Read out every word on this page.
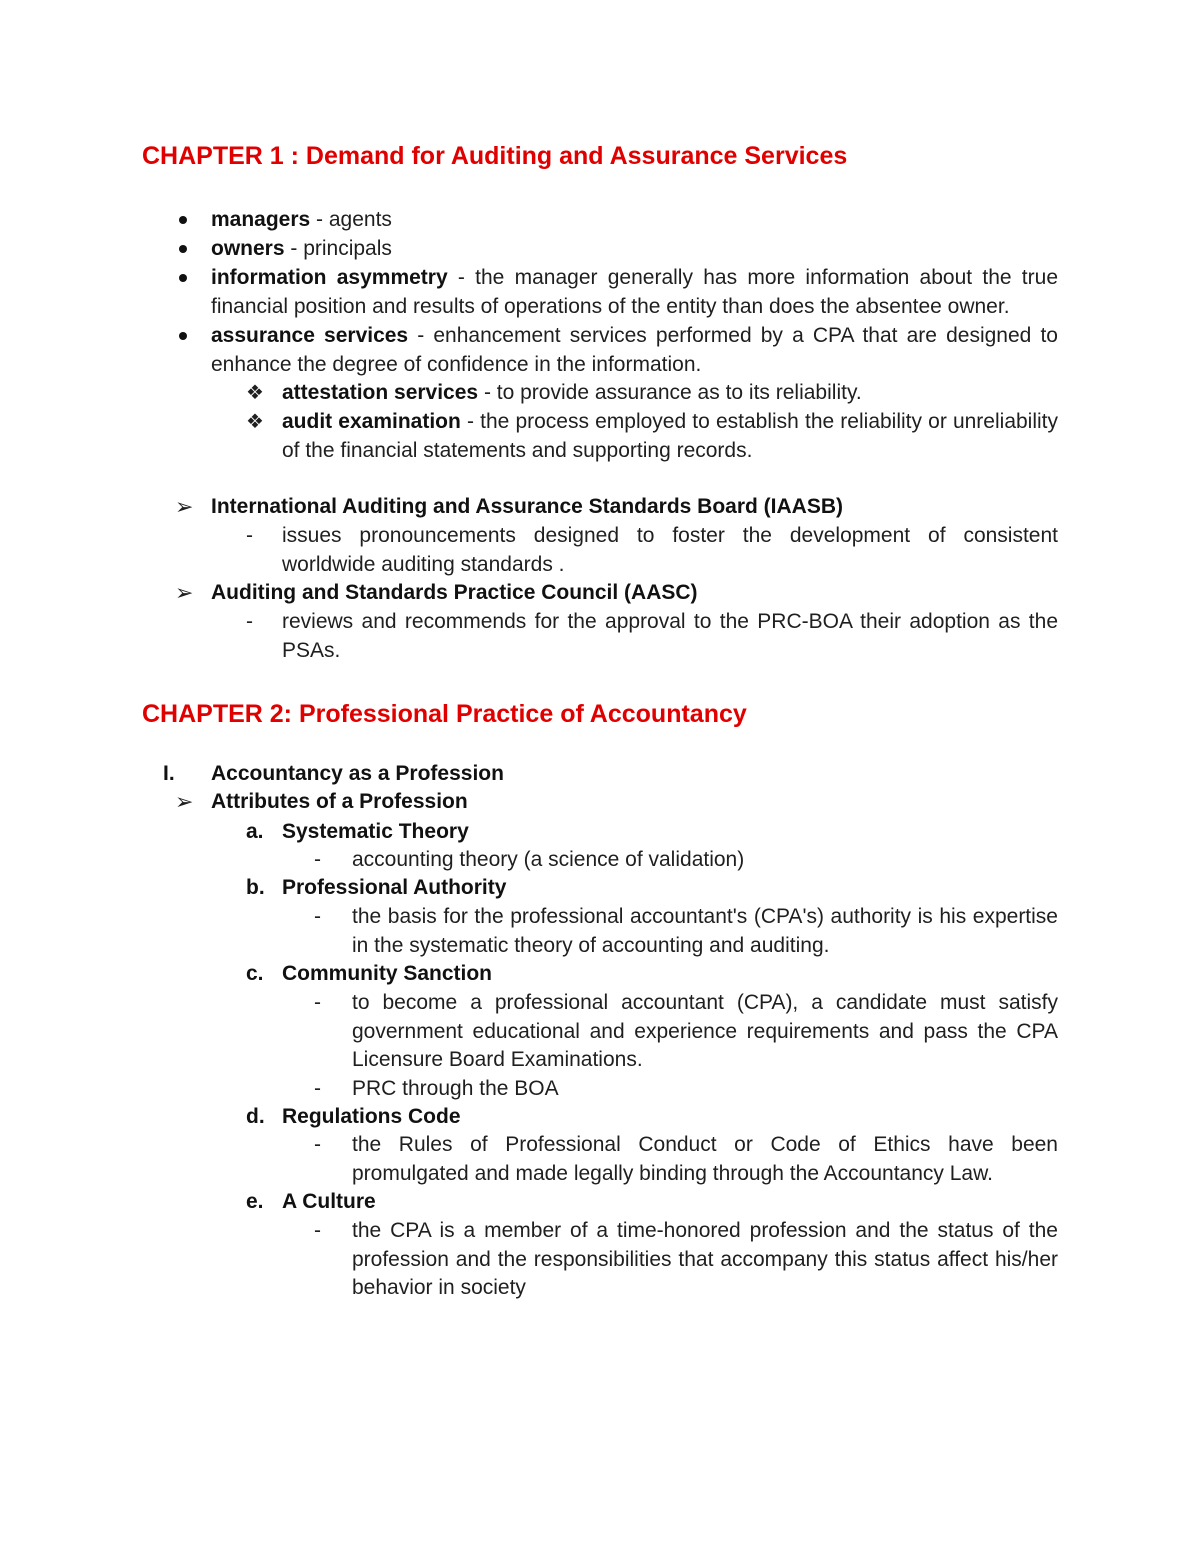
CHAPTER 1 : Demand for Auditing and Assurance Services
managers - agents
owners - principals
information asymmetry - the manager generally has more information about the true financial position and results of operations of the entity than does the absentee owner.
assurance services - enhancement services performed by a CPA that are designed to enhance the degree of confidence in the information.
❖ attestation services - to provide assurance as to its reliability.
❖ audit examination - the process employed to establish the reliability or unreliability of the financial statements and supporting records.
➢ International Auditing and Assurance Standards Board (IAASB)
- issues pronouncements designed to foster the development of consistent worldwide auditing standards .
➢ Auditing and Standards Practice Council (AASC)
- reviews and recommends for the approval to the PRC-BOA their adoption as the PSAs.
CHAPTER 2: Professional Practice of Accountancy
I. Accountancy as a Profession
➢ Attributes of a Profession
a. Systematic Theory
- accounting theory (a science of validation)
b. Professional Authority
- the basis for the professional accountant's (CPA's) authority is his expertise in the systematic theory of accounting and auditing.
c. Community Sanction
- to become a professional accountant (CPA), a candidate must satisfy government educational and experience requirements and pass the CPA Licensure Board Examinations.
- PRC through the BOA
d. Regulations Code
- the Rules of Professional Conduct or Code of Ethics have been promulgated and made legally binding through the Accountancy Law.
e. A Culture
- the CPA is a member of a time-honored profession and the status of the profession and the responsibilities that accompany this status affect his/her behavior in society
